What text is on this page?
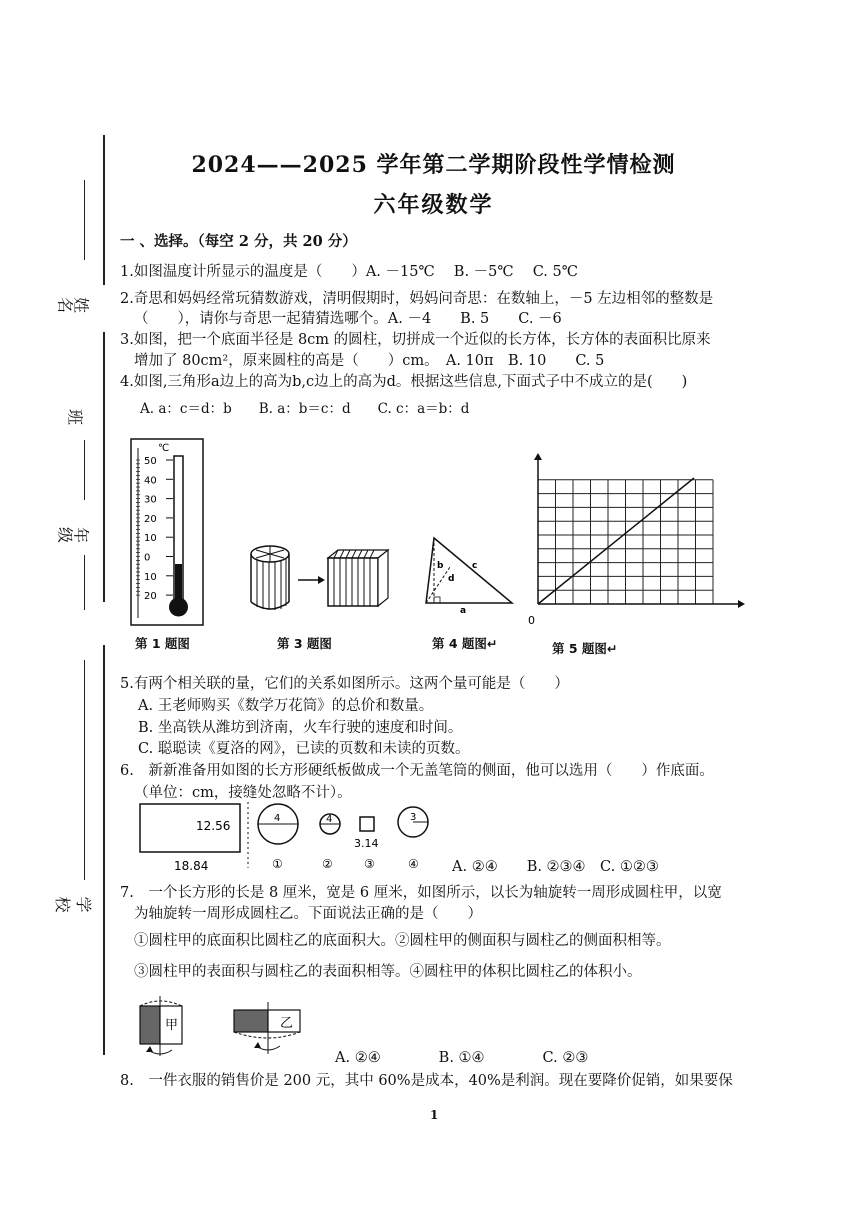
姓名
班
年级
学 校
2024——2025 学年第二学期阶段性学情检测
六年级数学
一 、选择。（每空 2 分，共 20 分）
1.如图温度计所显示的温度是（　　）A. －15℃　 B. －5℃　 C. 5℃
2.奇思和妈妈经常玩猜数游戏，清明假期时，妈妈问奇思：在数轴上，－5 左边相邻的整数是
（　　），请你与奇思一起猜猜选哪个。A. －4　　B. 5　　C. －6
3.如图，把一个底面半径是 8cm 的圆柱，切拼成一个近似的长方体，长方体的表面积比原来
增加了 80cm²，原来圆柱的高是（　　）cm。　A. 10π　B. 10　　C. 5
4.如图,三角形a边上的高为b,c边上的高为d。根据这些信息,下面式子中不成立的是(　　)
A. a：c＝d：b　　B. a：b＝c：d　　C. c：a＝b：d
℃
50
40
30
20
10
0
10
20
b	c
d
a
0
第 1 题图	第 3 题图	第 4 题图↵	第 5 题图↵
5.有两个相关联的量，它们的关系如图所示。这两个量可能是（　　）
A. 王老师购买《数学万花筒》的总价和数量。
B. 坐高铁从潍坊到济南，火车行驶的速度和时间。
C. 聪聪读《夏洛的网》，已读的页数和未读的页数。
6.　新新准备用如图的长方形硬纸板做成一个无盖笔筒的侧面，他可以选用（　　）作底面。
（单位：cm，接缝处忽略不计）。
12.56
18.84
4	4
3.14
3
①	②	③	④ A. ②④　　B. ②③④　C. ①②③
7.　一个长方形的长是 8 厘米，宽是 6 厘米，如图所示，以长为轴旋转一周形成圆柱甲，以宽
为轴旋转一周形成圆柱乙。下面说法正确的是（　　）
①圆柱甲的底面积比圆柱乙的底面积大。②圆柱甲的侧面积与圆柱乙的侧面积相等。
③圆柱甲的表面积与圆柱乙的表面积相等。④圆柱甲的体积比圆柱乙的体积小。
甲	乙
A. ②④　　　　B. ①④　　　　C. ②③
8.　一件衣服的销售价是 200 元，其中 60%是成本，40%是利润。现在要降价促销，如果要保
1
